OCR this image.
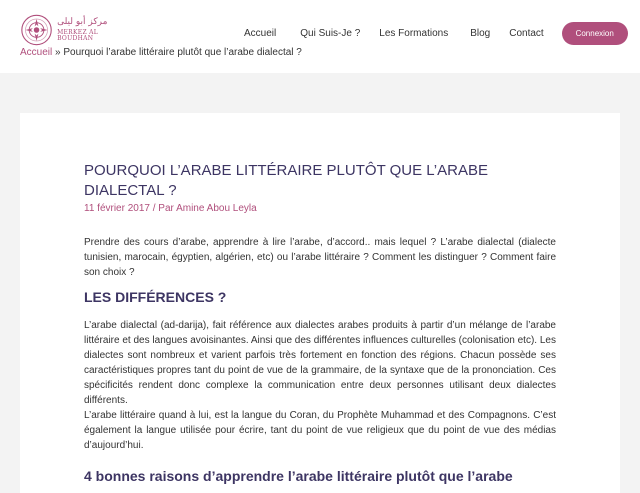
مركز أبو ليلى
MERKEZ AL BOUDHAN	Accueil Qui Suis-Je ? Les Formations Blog Contact	Connexion
Accueil » Pourquoi l’arabe littéraire plutôt que l’arabe dialectal ?
POURQUOI L’ARABE LITTÉRAIRE PLUTÔT QUE L’ARABE DIALECTAL ?
11 février 2017 / Par Amine Abou Leyla

Prendre des cours d’arabe, apprendre à lire l’arabe, d’accord.. mais lequel ? L’arabe dialectal (dialecte tunisien, marocain, égyptien, algérien, etc) ou l’arabe littéraire ? Comment les distinguer ? Comment faire son choix ?

LES DIFFÉRENCES ?

L’arabe dialectal (ad-darija), fait référence aux dialectes arabes produits à partir d’un mélange de l’arabe littéraire et des langues avoisinantes. Ainsi que des différentes influences culturelles (colonisation etc). Les dialectes sont nombreux et varient parfois très fortement en fonction des régions. Chacun possède ses caractéristiques propres tant du point de vue de la grammaire, de la syntaxe que de la prononciation. Ces spécificités rendent donc complexe la communication entre deux personnes utilisant deux dialectes différents.

L’arabe littéraire quand à lui, est la langue du Coran, du Prophète Muhammad et des Compagnons. C’est également la langue utilisée pour écrire, tant du point de vue religieux que du point de vue des médias d’aujourd’hui.

4 bonnes raisons d’apprendre l’arabe littéraire plutôt que l’arabe
